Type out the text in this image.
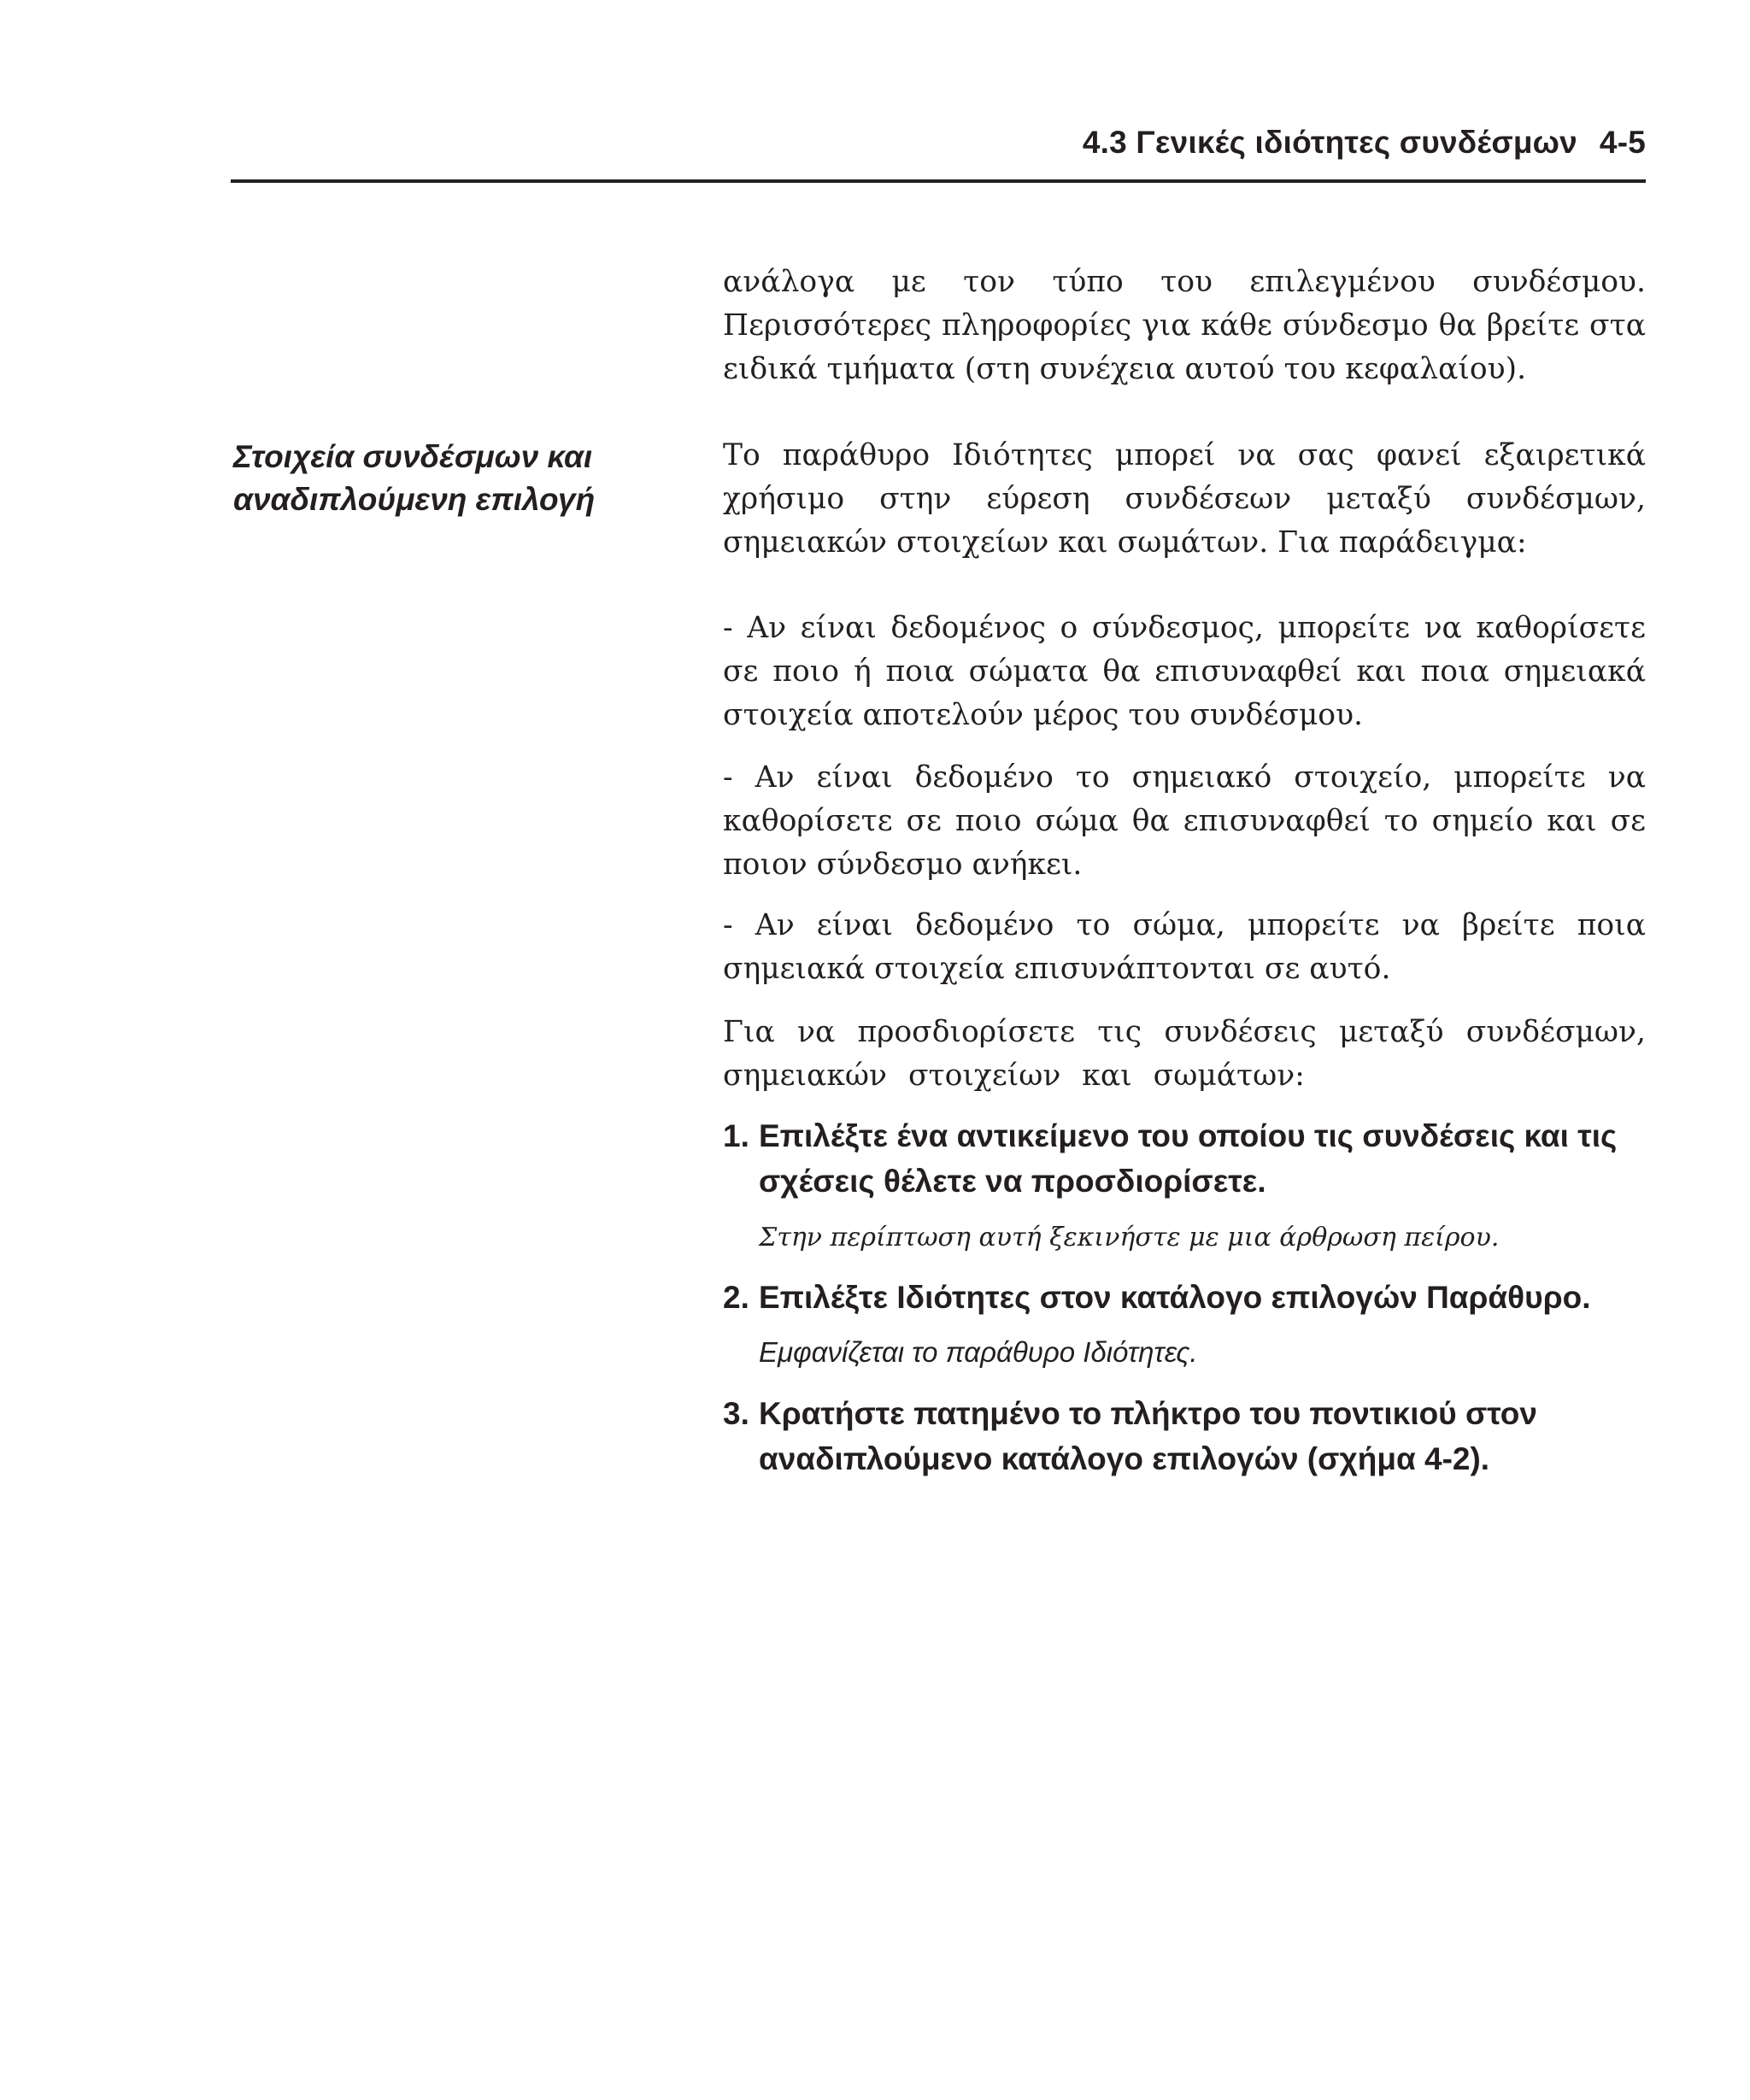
4.3 Γενικές ιδιότητες συνδέσμων 4-5
Στοιχεία συνδέσμων και
αναδιπλούμενη επιλογή

ανάλογα με τον τύπο του επιλεγμένου συνδέσμου. Περισσότερες πληροφορίες για κάθε σύνδεσμο θα βρείτε στα ειδικά τμήματα (στη συνέχεια αυτού του κεφαλαίου).

Το παράθυρο Ιδιότητες μπορεί να σας φανεί εξαιρετικά χρήσιμο στην εύρεση συνδέσεων μεταξύ συνδέσμων, σημειακών στοιχείων και σωμάτων. Για παράδειγμα:

- Αν είναι δεδομένος ο σύνδεσμος, μπορείτε να καθορίσετε σε ποιο ή ποια σώματα θα επισυναφθεί και ποια σημειακά στοιχεία αποτελούν μέρος του συνδέσμου.

- Αν είναι δεδομένο το σημειακό στοιχείο, μπορείτε να καθορίσετε σε ποιο σώμα θα επισυναφθεί το σημείο και σε ποιον σύνδεσμο ανήκει.

- Αν είναι δεδομένο το σώμα, μπορείτε να βρείτε ποια σημειακά στοιχεία επισυνάπτονται σε αυτό.

Για να προσδιορίσετε τις συνδέσεις μεταξύ συνδέσμων, σημειακών στοιχείων και σωμάτων:

1. Επιλέξτε ένα αντικείμενο του οποίου τις συνδέσεις και τις σχέσεις θέλετε να προσδιορίσετε.

Στην περίπτωση αυτή ξεκινήστε με μια άρθρωση πείρου.

2. Επιλέξτε Ιδιότητες στον κατάλογο επιλογών Παράθυρο.

Εμφανίζεται το παράθυρο Ιδιότητες.

3. Κρατήστε πατημένο το πλήκτρο του ποντικιού στον αναδιπλούμενο κατάλογο επιλογών (σχήμα 4-2).
